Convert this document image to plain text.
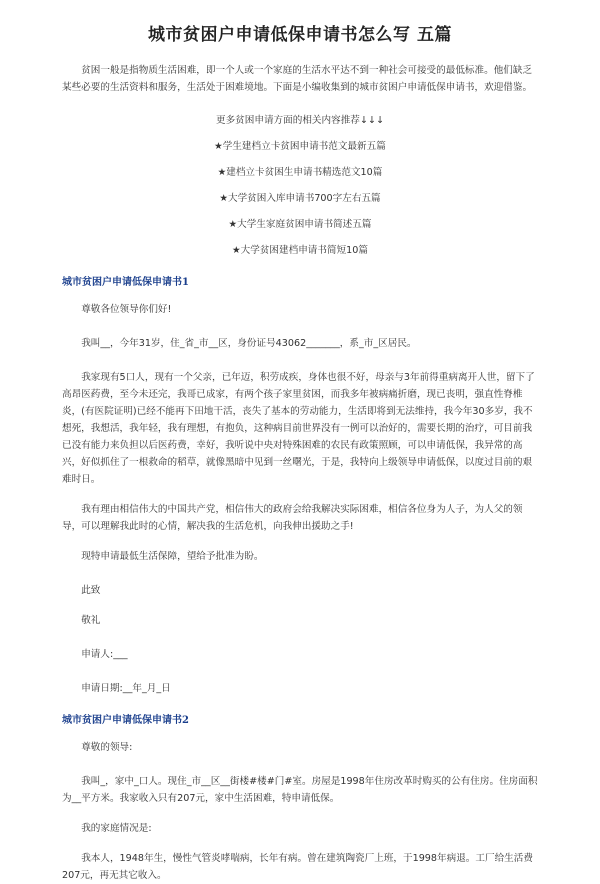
城市贫困户申请低保申请书怎么写 五篇

贫困一般是指物质生活困难，即一个人或一个家庭的生活水平达不到一种社会可接受的最低标准。他们缺乏某些必要的生活资料和服务，生活处于困难境地。下面是小编收集到的城市贫困户申请低保申请书，欢迎借鉴。

更多贫困申请方面的相关内容推荐↓↓↓

★学生建档立卡贫困申请书范文最新五篇

★建档立卡贫困生申请书精选范文10篇

★大学贫困入库申请书700字左右五篇

★大学生家庭贫困申请书简述五篇

★大学贫困建档申请书简短10篇

城市贫困户申请低保申请书1

尊敬各位领导你们好!

我叫__，今年31岁，住_省_市__区，身份证号43062_______，系_市_区居民。

我家现有5口人，现有一个父亲，已年迈，积劳成疾，身体也很不好，母亲与3年前得重病离开人世，留下了高昂医药费，至今未还完，我哥已成家，有两个孩子家里贫困，而我多年被病痛折磨，现已丧明，强直性脊椎炎，(有医院证明)已经不能再下田地干活，丧失了基本的劳动能力，生活即将到无法维持，我今年30多岁，我不想死，我想活，我年轻，我有理想，有抱负，这种病目前世界没有一例可以治好的，需要长期的治疗，可目前我已没有能力来负担以后医药费，幸好，我听说中央对特殊困难的农民有政策照顾，可以申请低保，我异常的高兴，好似抓住了一根救命的稻草，就像黑暗中见到一丝曙光，于是，我特向上级领导申请低保，以度过目前的艰难时日。

我有理由相信伟大的中国共产党，相信伟大的政府会给我解决实际困难，相信各位身为人子，为人父的领导，可以理解我此时的心情，解决我的生活危机，向我伸出援助之手!

现特申请最低生活保障，望给予批准为盼。

此致

敬礼

申请人:___

申请日期:__年_月_日

城市贫困户申请低保申请书2

尊敬的领导:

我叫_，家中_口人。现住_市__区__街楼#楼#门#室。房屋是1998年住房改革时购买的公有住房。住房面积为__平方米。我家收入只有207元，家中生活困难，特申请低保。

我的家庭情况是:

我本人，1948年生，慢性气管炎哮喘病，长年有病。曾在建筑陶瓷厂上班，于1998年病退。工厂给生活费207元，再无其它收入。
